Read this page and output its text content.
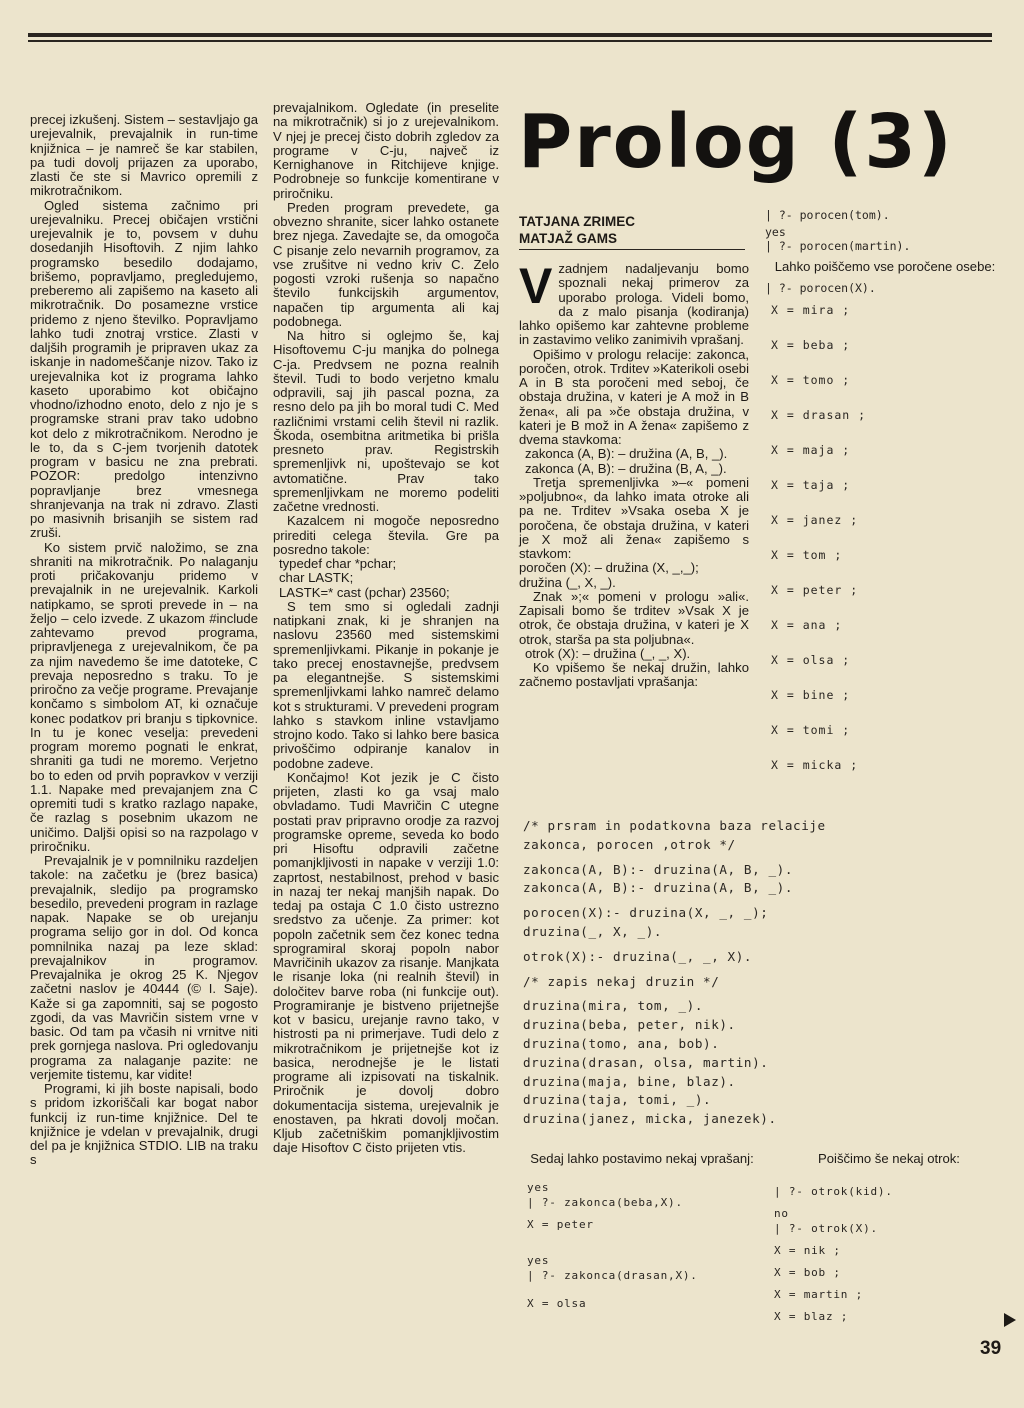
precej izkušenj. Sistem – sestavljajo ga urejevalnik, prevajalnik in run-time knjižnica – je namreč še kar stabilen, pa tudi dovolj prijazen za uporabo, zlasti če ste si Mavrico opremili z mikrotračnikom.

Ogled sistema začnimo pri urejevalniku. Precej običajen vrstični urejevalnik je to, povsem v duhu dosedanjih Hisoftovih. Z njim lahko programsko besedilo dodajamo, brišemo, popravljamo, pregledujemo, preberemo ali zapišemo na kaseto ali mikrotračnik. Do posamezne vrstice pridemo z njeno številko. Popravljamo lahko tudi znotraj vrstice. Zlasti v daljših programih je pripraven ukaz za iskanje in nadomeščanje nizov. Tako iz urejevalnika kot iz programa lahko kaseto uporabimo kot običajno vhodno/izhodno enoto, delo z njo je s programske strani prav tako udobno kot delo z mikrotračnikom. Nerodno je le to, da s C-jem tvorjenih datotek program v basicu ne zna prebrati. POZOR: predolgo intenzivno popravljanje brez vmesnega shranjevanja na trak ni zdravo. Zlasti po masivnih brisanjih se sistem rad zruši.

Ko sistem prvič naložimo, se zna shraniti na mikrotračnik. Po nalaganju proti pričakovanju pridemo v prevajalnik in ne urejevalnik. Karkoli natipkamo, se sproti prevede in – na željo – celo izvede. Z ukazom #include zahtevamo prevod programa, pripravljenega z urejevalnikom, če pa za njim navedemo še ime datoteke, C prevaja neposredno s traku. To je priročno za večje programe. Prevajanje končamo s simbolom AT, ki označuje konec podatkov pri branju s tipkovnice. In tu je konec veselja: prevedeni program moremo pognati le enkrat, shraniti ga tudi ne moremo. Verjetno bo to eden od prvih popravkov v verziji 1.1. Napake med prevajanjem zna C opremiti tudi s kratko razlago napake, če razlag s posebnim ukazom ne uničimo. Daljši opisi so na razpolago v priročniku.

Prevajalnik je v pomnilniku razdeljen takole: na začetku je (brez basica) prevajalnik, sledijo pa programsko besedilo, prevedeni program in razlage napak. Napake se ob urejanju programa selijo gor in dol. Od konca pomnilnika nazaj pa leze sklad: prevajalnikov in programov. Prevajalnika je okrog 25 K. Njegov začetni naslov je 40444 (© I. Saje). Kaže si ga zapomniti, saj se pogosto zgodi, da vas Mavričin sistem vrne v basic. Od tam pa včasih ni vrnitve niti prek gornjega naslova. Pri ogledovanju programa za nalaganje pazite: ne verjemite tistemu, kar vidite!

Programi, ki jih boste napisali, bodo s pridom izkoriščali kar bogat nabor funkcij iz run-time knjižnice. Del te knjižnice je vdelan v prevajalnik, drugi del pa je knjižnica STDIO. LIB na traku s

prevajalnikom. Ogledate (in preselite na mikrotračnik) si jo z urejevalnikom. V njej je precej čisto dobrih zgledov za programe v C-ju, največ iz Kernighanove in Ritchijeve knjige. Podrobneje so funkcije komentirane v priročniku.

Preden program prevedete, ga obvezno shranite, sicer lahko ostanete brez njega. Zavedajte se, da omogoča C pisanje zelo nevarnih programov, za vse zrušitve ni vedno kriv C. Zelo pogosti vzroki rušenja so napačno število funkcijskih argumentov, napačen tip argumenta ali kaj podobnega.

Na hitro si oglejmo še, kaj Hisoftovemu C-ju manjka do polnega C-ja. Predvsem ne pozna realnih števil. Tudi to bodo verjetno kmalu odpravili, saj jih pascal pozna, za resno delo pa jih bo moral tudi C. Med različnimi vrstami celih števil ni razlik. Škoda, osembitna aritmetika bi prišla presneto prav. Registrskih spremenljivk ni, upoštevajo se kot avtomatične. Prav tako spremenljivkam ne moremo podeliti začetne vrednosti.

Kazalcem ni mogoče neposredno prirediti celega števila. Gre pa posredno takole:

typedef char *pchar;

char LASTK;

LASTK=* cast (pchar) 23560;

S tem smo si ogledali zadnji natipkani znak, ki je shranjen na naslovu 23560 med sistemskimi spremenljivkami. Pikanje in pokanje je tako precej enostavnejše, predvsem pa elegantnejše. S sistemskimi spremenljivkami lahko namreč delamo kot s strukturami. V prevedeni program lahko s stavkom inline vstavljamo strojno kodo. Tako si lahko bere basica privoščimo odpiranje kanalov in podobne zadeve.

Končajmo! Kot jezik je C čisto prijeten, zlasti ko ga vsaj malo obvladamo. Tudi Mavričin C utegne postati prav pripravno orodje za razvoj programske opreme, seveda ko bodo pri Hisoftu odpravili začetne pomanjkljivosti in napake v verziji 1.0: zaprtost, nestabilnost, prehod v basic in nazaj ter nekaj manjših napak. Do tedaj pa ostaja C 1.0 čisto ustrezno sredstvo za učenje. Za primer: kot popoln začetnik sem čez konec tedna sprogramiral skoraj popoln nabor Mavričinih ukazov za risanje. Manjkata le risanje loka (ni realnih števil) in določitev barve roba (ni funkcije out). Programiranje je bistveno prijetnejše kot v basicu, urejanje ravno tako, v histrosti pa ni primerjave. Tudi delo z mikrotračnikom je prijetnejše kot iz basica, nerodnejše je le listati programe ali izpisovati na tiskalnik. Priročnik je dovolj dobro dokumentacija sistema, urejevalnik je enostaven, pa hkrati dovolj močan. Kljub začetniškim pomanjkljivostim daje Hisoftov C čisto prijeten vtis.

Prolog (3)
TATJANA ZRIMEC
MATJAŽ GAMS

Vzadnjem nadaljevanju bomo spoznali nekaj primerov za uporabo prologa. Videli bomo, da z malo pisanja (kodiranja) lahko opišemo kar zahtevne probleme in zastavimo veliko zanimivih vprašanj.

Opišimo v prologu relacije: zakonca, poročen, otrok. Trditev »Katerikoli osebi A in B sta poročeni med seboj, če obstaja družina, v kateri je A mož in B žena«, ali pa »če obstaja družina, v kateri je B mož in A žena« zapišemo z dvema stavkoma:

zakonca (A, B): – družina (A, B, _).

zakonca (A, B): – družina (B, A, _).

Tretja spremenljivka »–« pomeni »poljubno«, da lahko imata otroke ali pa ne. Trditev »Vsaka oseba X je poročena, če obstaja družina, v kateri je X mož ali žena« zapišemo s stavkom:

poročen (X): – družina (X, _,_);

družina (_, X, _).

Znak »;« pomeni v prologu »ali«. Zapisali bomo še trditev »Vsak X je otrok, če obstaja družina, v kateri je X otrok, starša pa sta poljubna«.

otrok (X): – družina (_, _, X).

Ko vpišemo še nekaj družin, lahko začnemo postavljati vprašanja:

| ?- porocen(tom).
yes
| ?- porocen(martin).
Lahko poiščemo vse poročene osebe:
| ?- porocen(X).
X = mira ;
X = beba ;
X = tomo ;
X = drasan ;
X = maja ;
X = taja ;
X = janez ;
X = tom ;
X = peter ;
X = ana ;
X = olsa ;
X = bine ;
X = tomi ;
X = micka ;
/* prsram in podatkovna baza relacije
zakonca, porocen ,otrok */
zakonca(A, B):- druzina(A, B, _).
zakonca(A, B):- druzina(A, B, _).
porocen(X):- druzina(X, _, _);
druzina(_, X, _).
otrok(X):- druzina(_, _, X).
/* zapis nekaj druzin */
druzina(mira, tom, _).
druzina(beba, peter, nik).
druzina(tomo, ana, bob).
druzina(drasan, olsa, martin).
druzina(maja, bine, blaz).
druzina(taja, tomi, _).
druzina(janez, micka, janezek).
Sedaj lahko postavimo nekaj vprašanj:
yes
| ?- zakonca(beba,X).
X = peter
yes
| ?- zakonca(drasan,X).
X = olsa
Poiščimo še nekaj otrok:
| ?- otrok(kid).
no
| ?- otrok(X).
X = nik ;
X = bob ;
X = martin ;
X = blaz ;
39
